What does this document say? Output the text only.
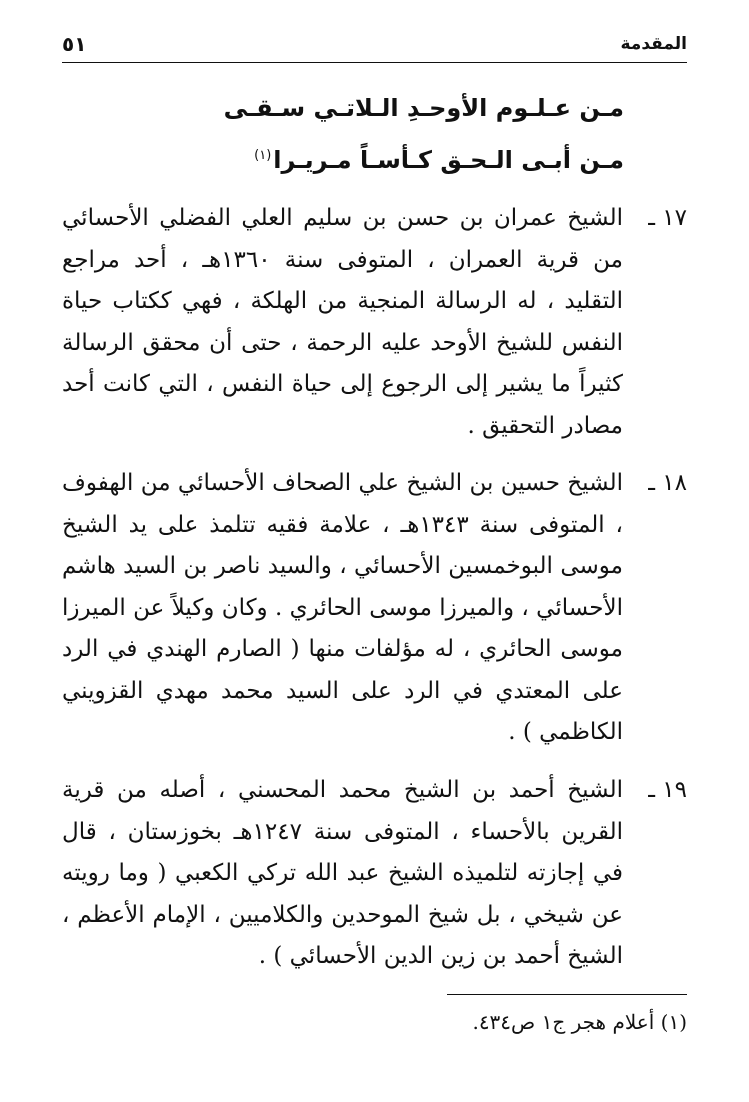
المقدمة
٥١
مـن عـلـوم الأوحـدِ الـلاتـي سـقـى
مـن أبـى الـحـق كـأسـاً مـريـرا$^{(١)}$
١٧ ـ
الشيخ عمران بن حسن بن سليم العلي الفضلي الأحسائي من قرية العمران ، المتوفى سنة ١٣٦٠هـ ، أحد مراجع التقليد ، له الرسالة المنجية من الهلكة ، فهي ككتاب حياة النفس للشيخ الأوحد عليه الرحمة ، حتى أن محقق الرسالة كثيراً ما يشير إلى الرجوع إلى حياة النفس ، التي كانت أحد مصادر التحقيق .
١٨ ـ
الشيخ حسين بن الشيخ علي الصحاف الأحسائي من الهفوف ، المتوفى سنة ١٣٤٣هـ ، علامة فقيه تتلمذ على يد الشيخ موسى البوخمسين الأحسائي ، والسيد ناصر بن السيد هاشم الأحسائي ، والميرزا موسى الحائري . وكان وكيلاً عن الميرزا موسى الحائري ، له مؤلفات منها ( الصارم الهندي في الرد على المعتدي في الرد على السيد محمد مهدي القزويني الكاظمي ) .
١٩ ـ
الشيخ أحمد بن الشيخ محمد المحسني ، أصله من قرية القرين بالأحساء ، المتوفى سنة ١٢٤٧هـ بخوزستان ، قال في إجازته لتلميذه الشيخ عبد الله تركي الكعبي ( وما رويته عن شيخي ، بل شيخ الموحدين والكلاميين ، الإمام الأعظم ، الشيخ أحمد بن زين الدين الأحسائي ) .
(١) أعلام هجر ج١ ص٤٣٤.
